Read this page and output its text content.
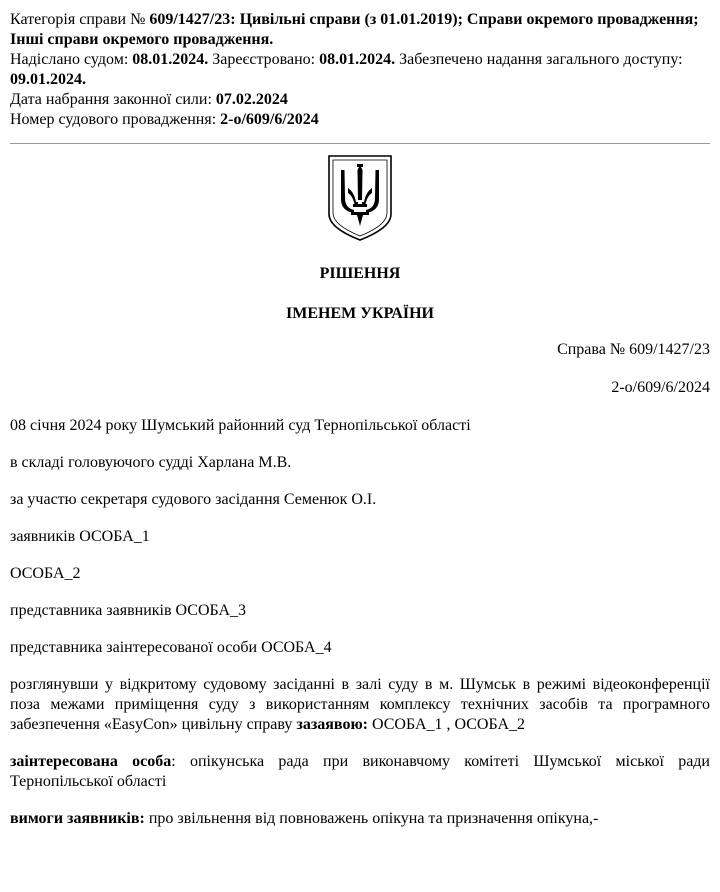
Категорія справи № 609/1427/23: Цивільні справи (з 01.01.2019); Справи окремого провадження; Інші справи окремого провадження.

Надіслано судом: 08.01.2024. Зареєстровано: 08.01.2024. Забезпечено надання загального доступу: 09.01.2024.

Дата набрання законної сили: 07.02.2024

Номер судового провадження: 2-о/609/6/2024

РІШЕННЯ

ІМЕНЕМ УКРАЇНИ

Справа № 609/1427/23

2-о/609/6/2024

08 січня 2024 року Шумський районний суд Тернопільської області

в складі головуючого судді Харлана М.В.

за участю секретаря судового засідання Семенюк О.І.

заявників ОСОБА_1

ОСОБА_2

представника заявників ОСОБА_3

представника заінтересованої особи ОСОБА_4

розглянувши у відкритому судовому засіданні в залі суду в м. Шумськ в режимі відеоконференції поза межами приміщення суду з використанням комплексу технічних засобів та програмного забезпечення «EasyCon» цивільну справу зазаявою: ОСОБА_1 , ОСОБА_2

заінтересована особа: опікунська рада при виконавчому комітеті Шумської міської ради Тернопільської області

вимоги заявників: про звільнення від повноважень опікуна та призначення опікуна,-
